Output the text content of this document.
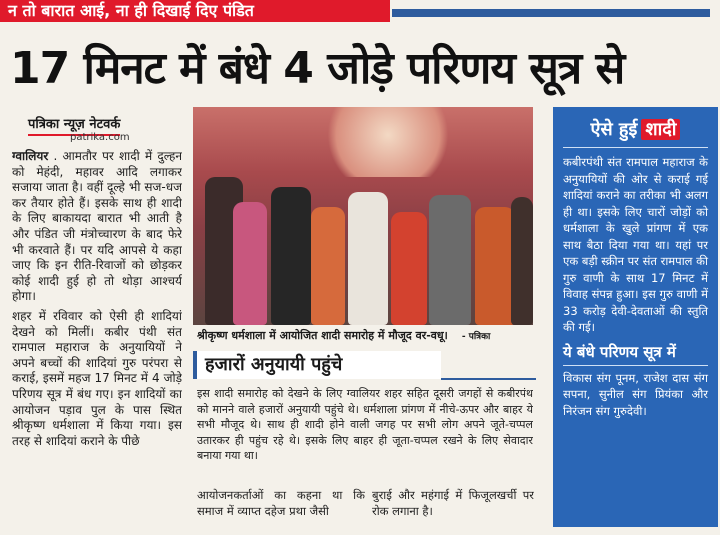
न तो बारात आई, ना ही दिखाई दिए पंडित
17 मिनट में बंधे 4 जोड़े परिणय सूत्र से
पत्रिका न्यूज़ नेटवर्क
patrika.com

ग्वालियर . आमतौर पर शादी में दुल्हन को मेहंदी, महावर आदि लगाकर सजाया जाता है। वहीं दूल्हे भी सज-धज कर तैयार होते हैं। इसके साथ ही शादी के लिए बाकायदा बारात भी आती है और पंडित जी मंत्रोच्चारण के बाद फेरे भी करवाते हैं। पर यदि आपसे ये कहा जाए कि इन रीति-रिवाजों को छोड़कर कोई शादी हुई हो तो थोड़ा आश्चर्य होगा।

शहर में रविवार को ऐसी ही शादियां देखने को मिलीं। कबीर पंथी संत रामपाल महाराज के अनुयायियों ने अपने बच्चों की शादियां गुरु परंपरा से कराई, इसमें महज 17 मिनट में 4 जोड़े परिणय सूत्र में बंध गए। इन शादियों का आयोजन पड़ाव पुल के पास स्थित श्रीकृष्ण धर्मशाला में किया गया। इस तरह से शादियां कराने के पीछे

श्रीकृष्ण धर्मशाला में आयोजित शादी समारोह में मौजूद वर-वधू। - पत्रिका
हजारों अनुयायी पहुंचे

इस शादी समारोह को देखने के लिए ग्वालियर शहर सहित दूसरी जगहों से कबीरपंथ को मानने वाले हजारों अनुयायी पहुंचे थे। धर्मशाला प्रांगण में नीचे-ऊपर और बाहर ये सभी मौजूद थे। साथ ही शादी होने वाली जगह पर सभी लोग अपने जूते-चप्पल उतारकर ही पहुंच रहे थे। इसके लिए बाहर ही जूता-चप्पल रखने के लिए सेवादार बनाया गया था।

आयोजनकर्ताओं का कहना था कि समाज में व्याप्त दहेज प्रथा जैसी
बुराई और महंगाई में फिजूलखर्ची पर रोक लगाना है।
ऐसे हुई शादी
कबीरपंथी संत रामपाल महाराज के अनुयायियों की ओर से कराई गई शादियां कराने का तरीका भी अलग ही था। इसके लिए चारों जोड़ों को धर्मशाला के खुले प्रांगण में एक साथ बैठा दिया गया था। यहां पर एक बड़ी स्क्रीन पर संत रामपाल की गुरु वाणी के साथ 17 मिनट में विवाह संपन्न हुआ। इस गुरु वाणी में 33 करोड़ देवी-देवताओं की स्तुति की गई।
ये बंधे परिणय सूत्र में
विकास संग पूनम, राजेश दास संग सपना, सुनील संग प्रियंका और निरंजन संग गुरुदेवी।
